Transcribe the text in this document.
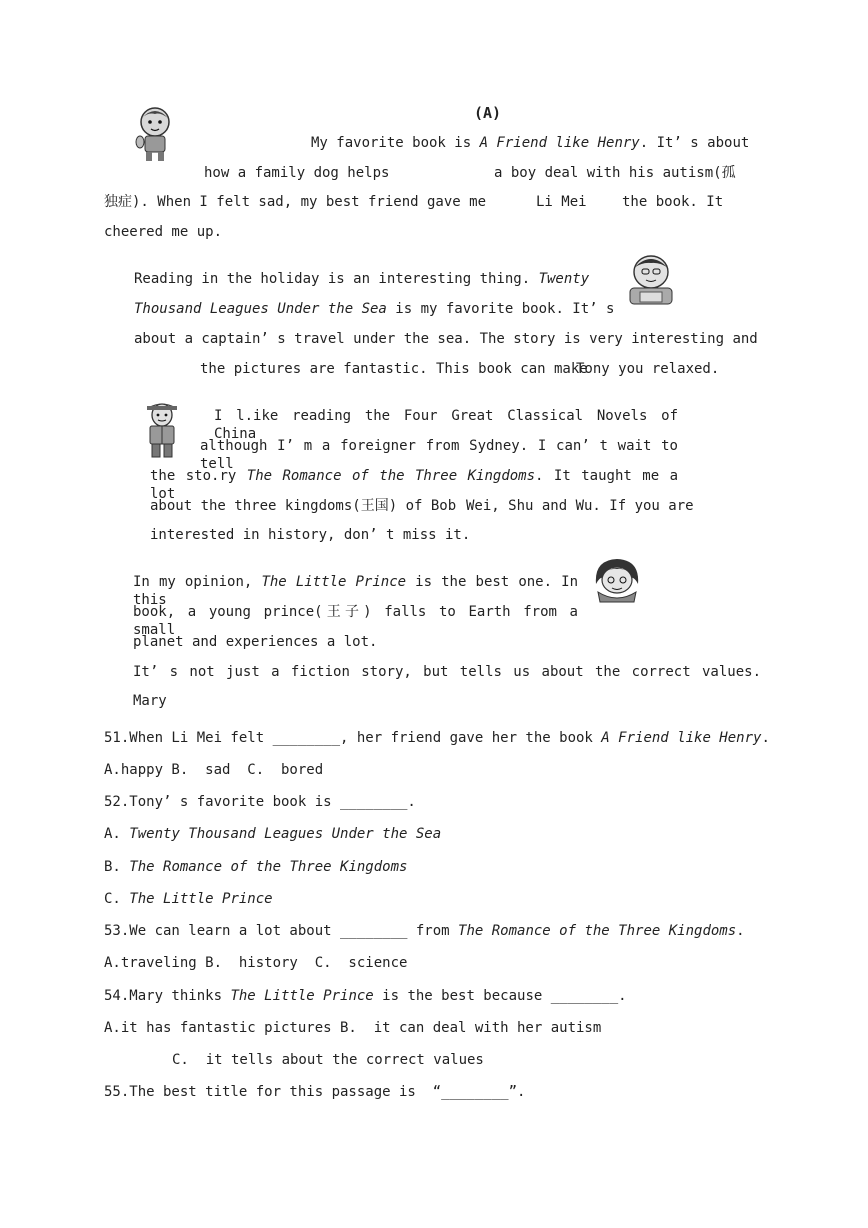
(A)
My favorite book is A Friend like Henry. It’ s about
how a family dog helps	a boy deal with his autism(孤
独症). When I felt sad, my best friend gave me	Li Mei	the book. It
cheered me up.
Reading in the holiday is an interesting thing. Twenty
Thousand Leagues Under the Sea is my favorite book. It’ s
about a captain’ s travel under the sea. The story is very interesting and
the pictures are fantastic. This book can make
Tony you relaxed.
I l.ike reading the Four Great Classical Novels of China
although I’ m a foreigner from Sydney. I can’ t wait to tell
the sto.ry The Romance of the Three Kingdoms. It taught me a lot
about the three kingdoms(王国) of Bob Wei, Shu and Wu. If you are
interested in history, don’ t miss it.
In my opinion, The Little Prince is the best one. In this
book, a young prince(王子) falls to Earth from a small
planet and experiences a lot.
It’ s not just a fiction story, but tells us about the correct values.
Mary
51.When Li Mei felt ________, her friend gave her the book A Friend like Henry.
A.happy B.  sad  C.  bored
52.Tony’ s favorite book is ________.
A. Twenty Thousand Leagues Under the Sea
B. The Romance of the Three Kingdoms
C. The Little Prince
53.We can learn a lot about ________ from The Romance of the Three Kingdoms.
A.traveling B.  history  C.  science
54.Mary thinks The Little Prince is the best because ________.
A.it has fantastic pictures B.  it can deal with her autism
C.  it tells about the correct values
55.The best title for this passage is  “________”.
